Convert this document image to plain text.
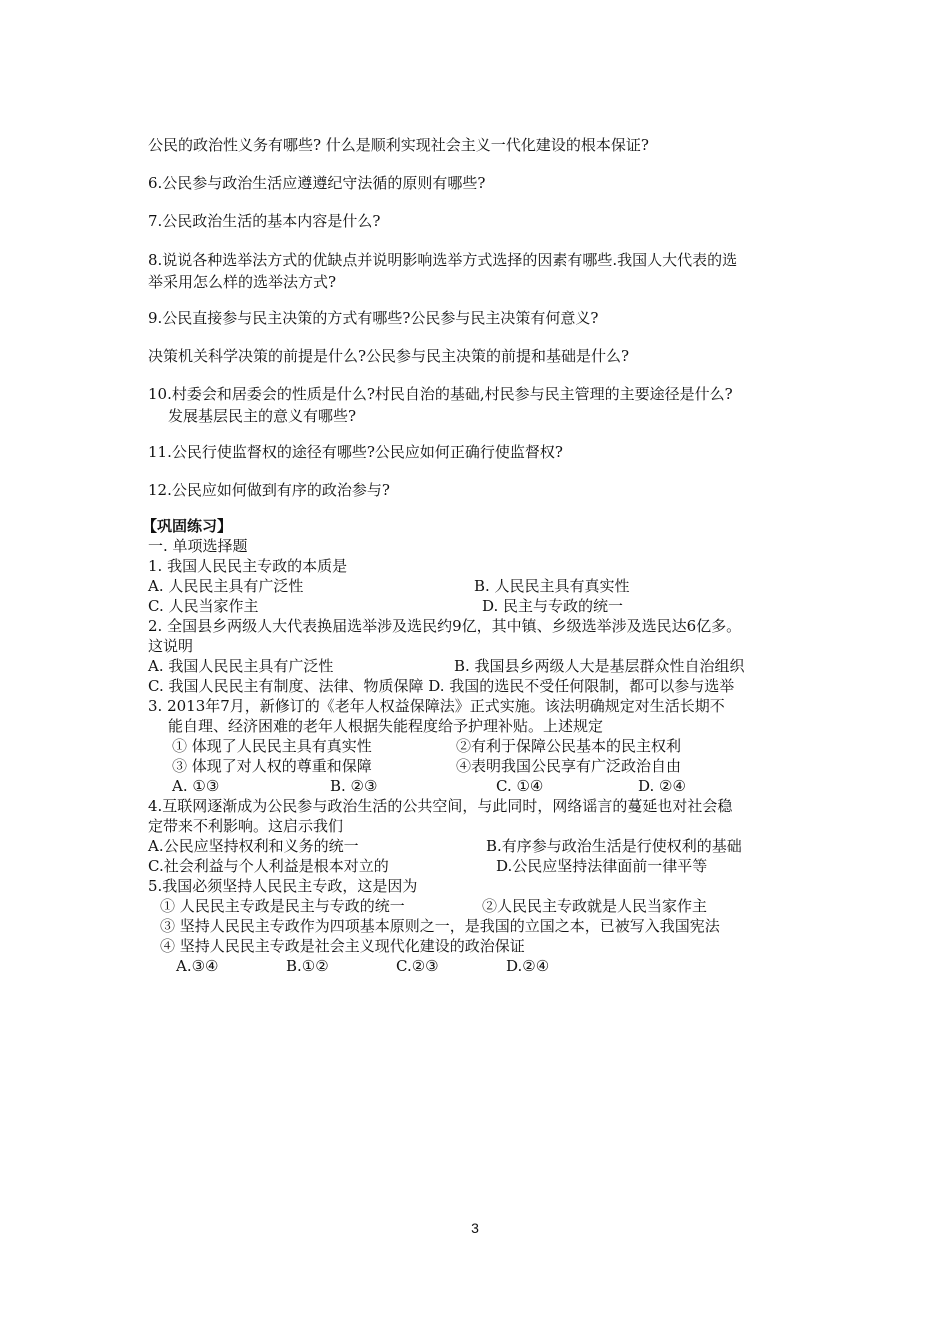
公民的政治性义务有哪些? 什么是顺利实现社会主义一代化建设的根本保证?
6.公民参与政治生活应遵遵纪守法循的原则有哪些?
7.公民政治生活的基本内容是什么?
8.说说各种选举法方式的优缺点并说明影响选举方式选择的因素有哪些.我国人大代表的选
举采用怎么样的选举法方式?
9.公民直接参与民主决策的方式有哪些?公民参与民主决策有何意义?
决策机关科学决策的前提是什么?公民参与民主决策的前提和基础是什么?
10.村委会和居委会的性质是什么?村民自治的基础,村民参与民主管理的主要途径是什么?
发展基层民主的意义有哪些?
11.公民行使监督权的途径有哪些?公民应如何正确行使监督权?
12.公民应如何做到有序的政治参与?
【巩固练习】
一. 单项选择题
1. 我国人民民主专政的本质是
A. 人民民主具有广泛性	B. 人民民主具有真实性
C. 人民当家作主	D. 民主与专政的统一
2. 全国县乡两级人大代表换届选举涉及选民约9亿，其中镇、乡级选举涉及选民达6亿多。
这说明
A. 我国人民民主具有广泛性	B. 我国县乡两级人大是基层群众性自治组织
C. 我国人民民主有制度、法律、物质保障 D. 我国的选民不受任何限制，都可以参与选举
3. 2013年7月，新修订的《老年人权益保障法》正式实施。该法明确规定对生活长期不
能自理、经济困难的老年人根据失能程度给予护理补贴。上述规定
① 体现了人民民主具有真实性	②有利于保障公民基本的民主权利
③ 体现了对人权的尊重和保障	④表明我国公民享有广泛政治自由
A. ①③	B. ②③	C. ①④	D. ②④
4.互联网逐渐成为公民参与政治生活的公共空间，与此同时，网络谣言的蔓延也对社会稳
定带来不利影响。这启示我们
A.公民应坚持权利和义务的统一	B.有序参与政治生活是行使权利的基础
C.社会利益与个人利益是根本对立的	D.公民应坚持法律面前一律平等
5.我国必须坚持人民民主专政，这是因为
① 人民民主专政是民主与专政的统一	②人民民主专政就是人民当家作主
③ 坚持人民民主专政作为四项基本原则之一，是我国的立国之本，已被写入我国宪法
④ 坚持人民民主专政是社会主义现代化建设的政治保证
A.③④	B.①②	C.②③	D.②④
3
